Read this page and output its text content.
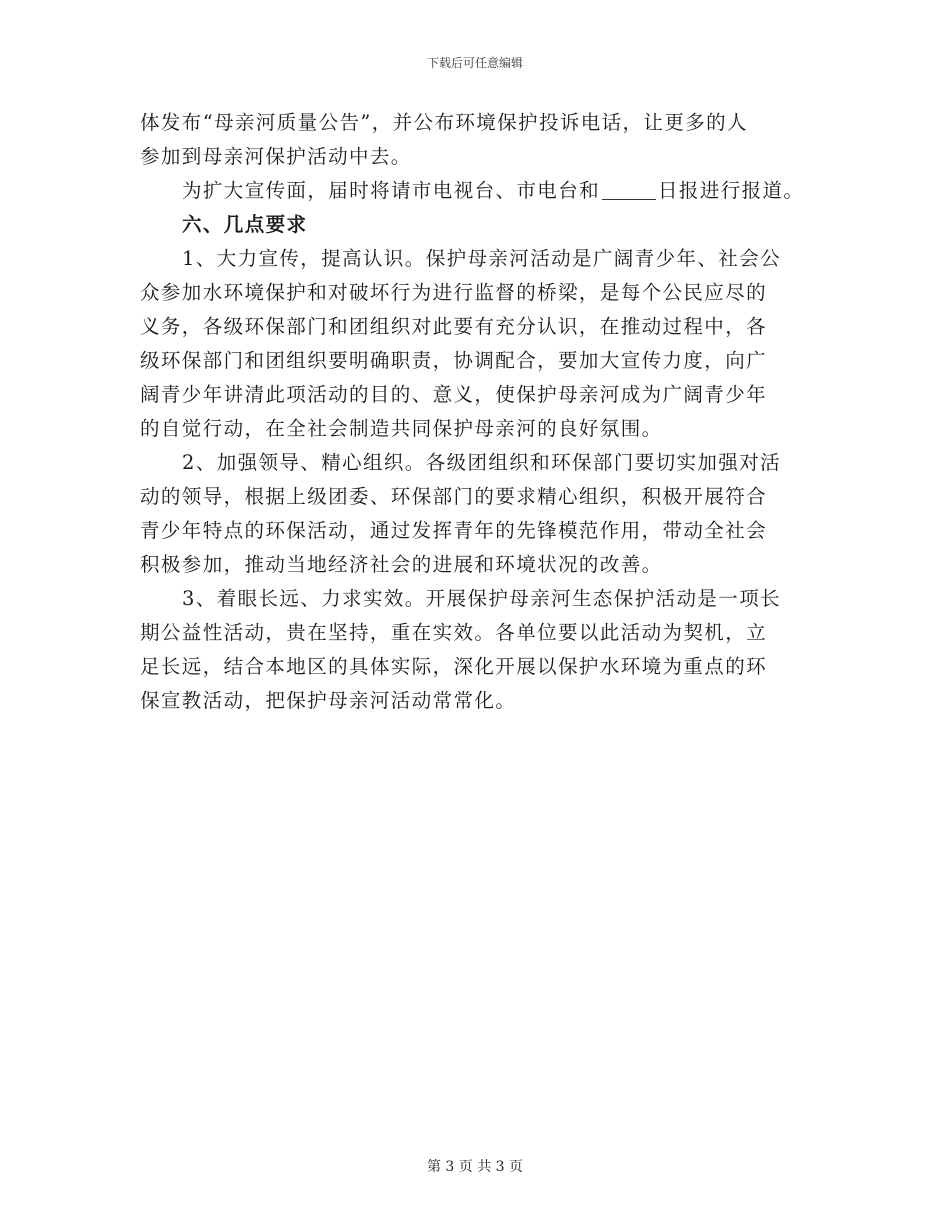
下载后可任意编辑

体发布“母亲河质量公告”，并公布环境保护投诉电话，让更多的人
参加到母亲河保护活动中去。

为扩大宣传面，届时将请市电视台、市电台和	日报进行报道。

六、几点要求

1、大力宣传，提高认识。保护母亲河活动是广阔青少年、社会公
众参加水环境保护和对破坏行为进行监督的桥梁，是每个公民应尽的
义务，各级环保部门和团组织对此要有充分认识，在推动过程中，各
级环保部门和团组织要明确职责，协调配合，要加大宣传力度，向广
阔青少年讲清此项活动的目的、意义，使保护母亲河成为广阔青少年
的自觉行动，在全社会制造共同保护母亲河的良好氛围。

2、加强领导、精心组织。各级团组织和环保部门要切实加强对活
动的领导，根据上级团委、环保部门的要求精心组织，积极开展符合
青少年特点的环保活动，通过发挥青年的先锋模范作用，带动全社会
积极参加，推动当地经济社会的进展和环境状况的改善。

3、着眼长远、力求实效。开展保护母亲河生态保护活动是一项长
期公益性活动，贵在坚持，重在实效。各单位要以此活动为契机，立
足长远，结合本地区的具体实际，深化开展以保护水环境为重点的环
保宣教活动，把保护母亲河活动常常化。

第 3 页 共 3 页
